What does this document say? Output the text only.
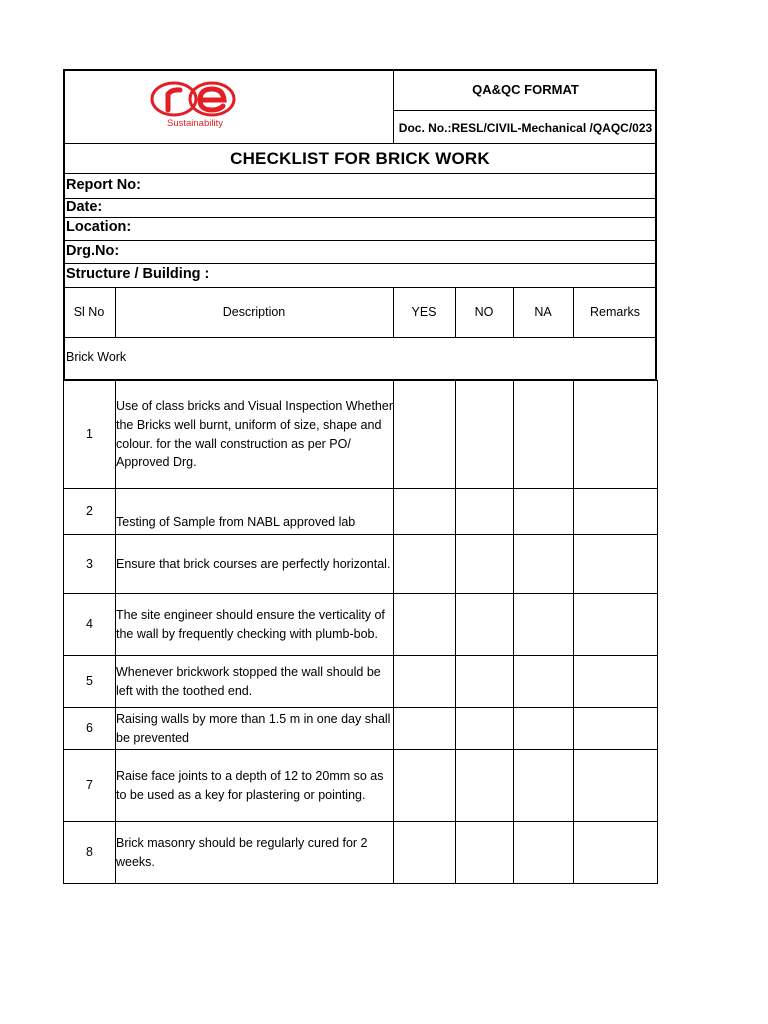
Sustainability
QA&QC FORMAT
Doc. No.:RESL/CIVIL-Mechanical /QAQC/023
CHECKLIST FOR BRICK WORK
Report No:
Date:
Location:
Drg.No:
Structure / Building :
Sl No	Description	YES	NO	NA	Remarks
Brick Work
1	Use of class bricks and Visual Inspection Whether the Bricks well burnt, uniform of size, shape and colour. for the wall construction as per PO/ Approved Drg.				
2	Testing of Sample from NABL approved lab				
3	Ensure that brick courses are perfectly horizontal.				
4	The site engineer should ensure the verticality of the wall by frequently checking with plumb-bob.				
5	Whenever brickwork stopped the wall should be left with the toothed end.				
6	Raising walls by more than 1.5 m in one day shall be prevented				
7	Raise face joints to a depth of 12 to 20mm so as to be used as a key for plastering or pointing.				
8	Brick masonry should be regularly cured for 2 weeks.				
